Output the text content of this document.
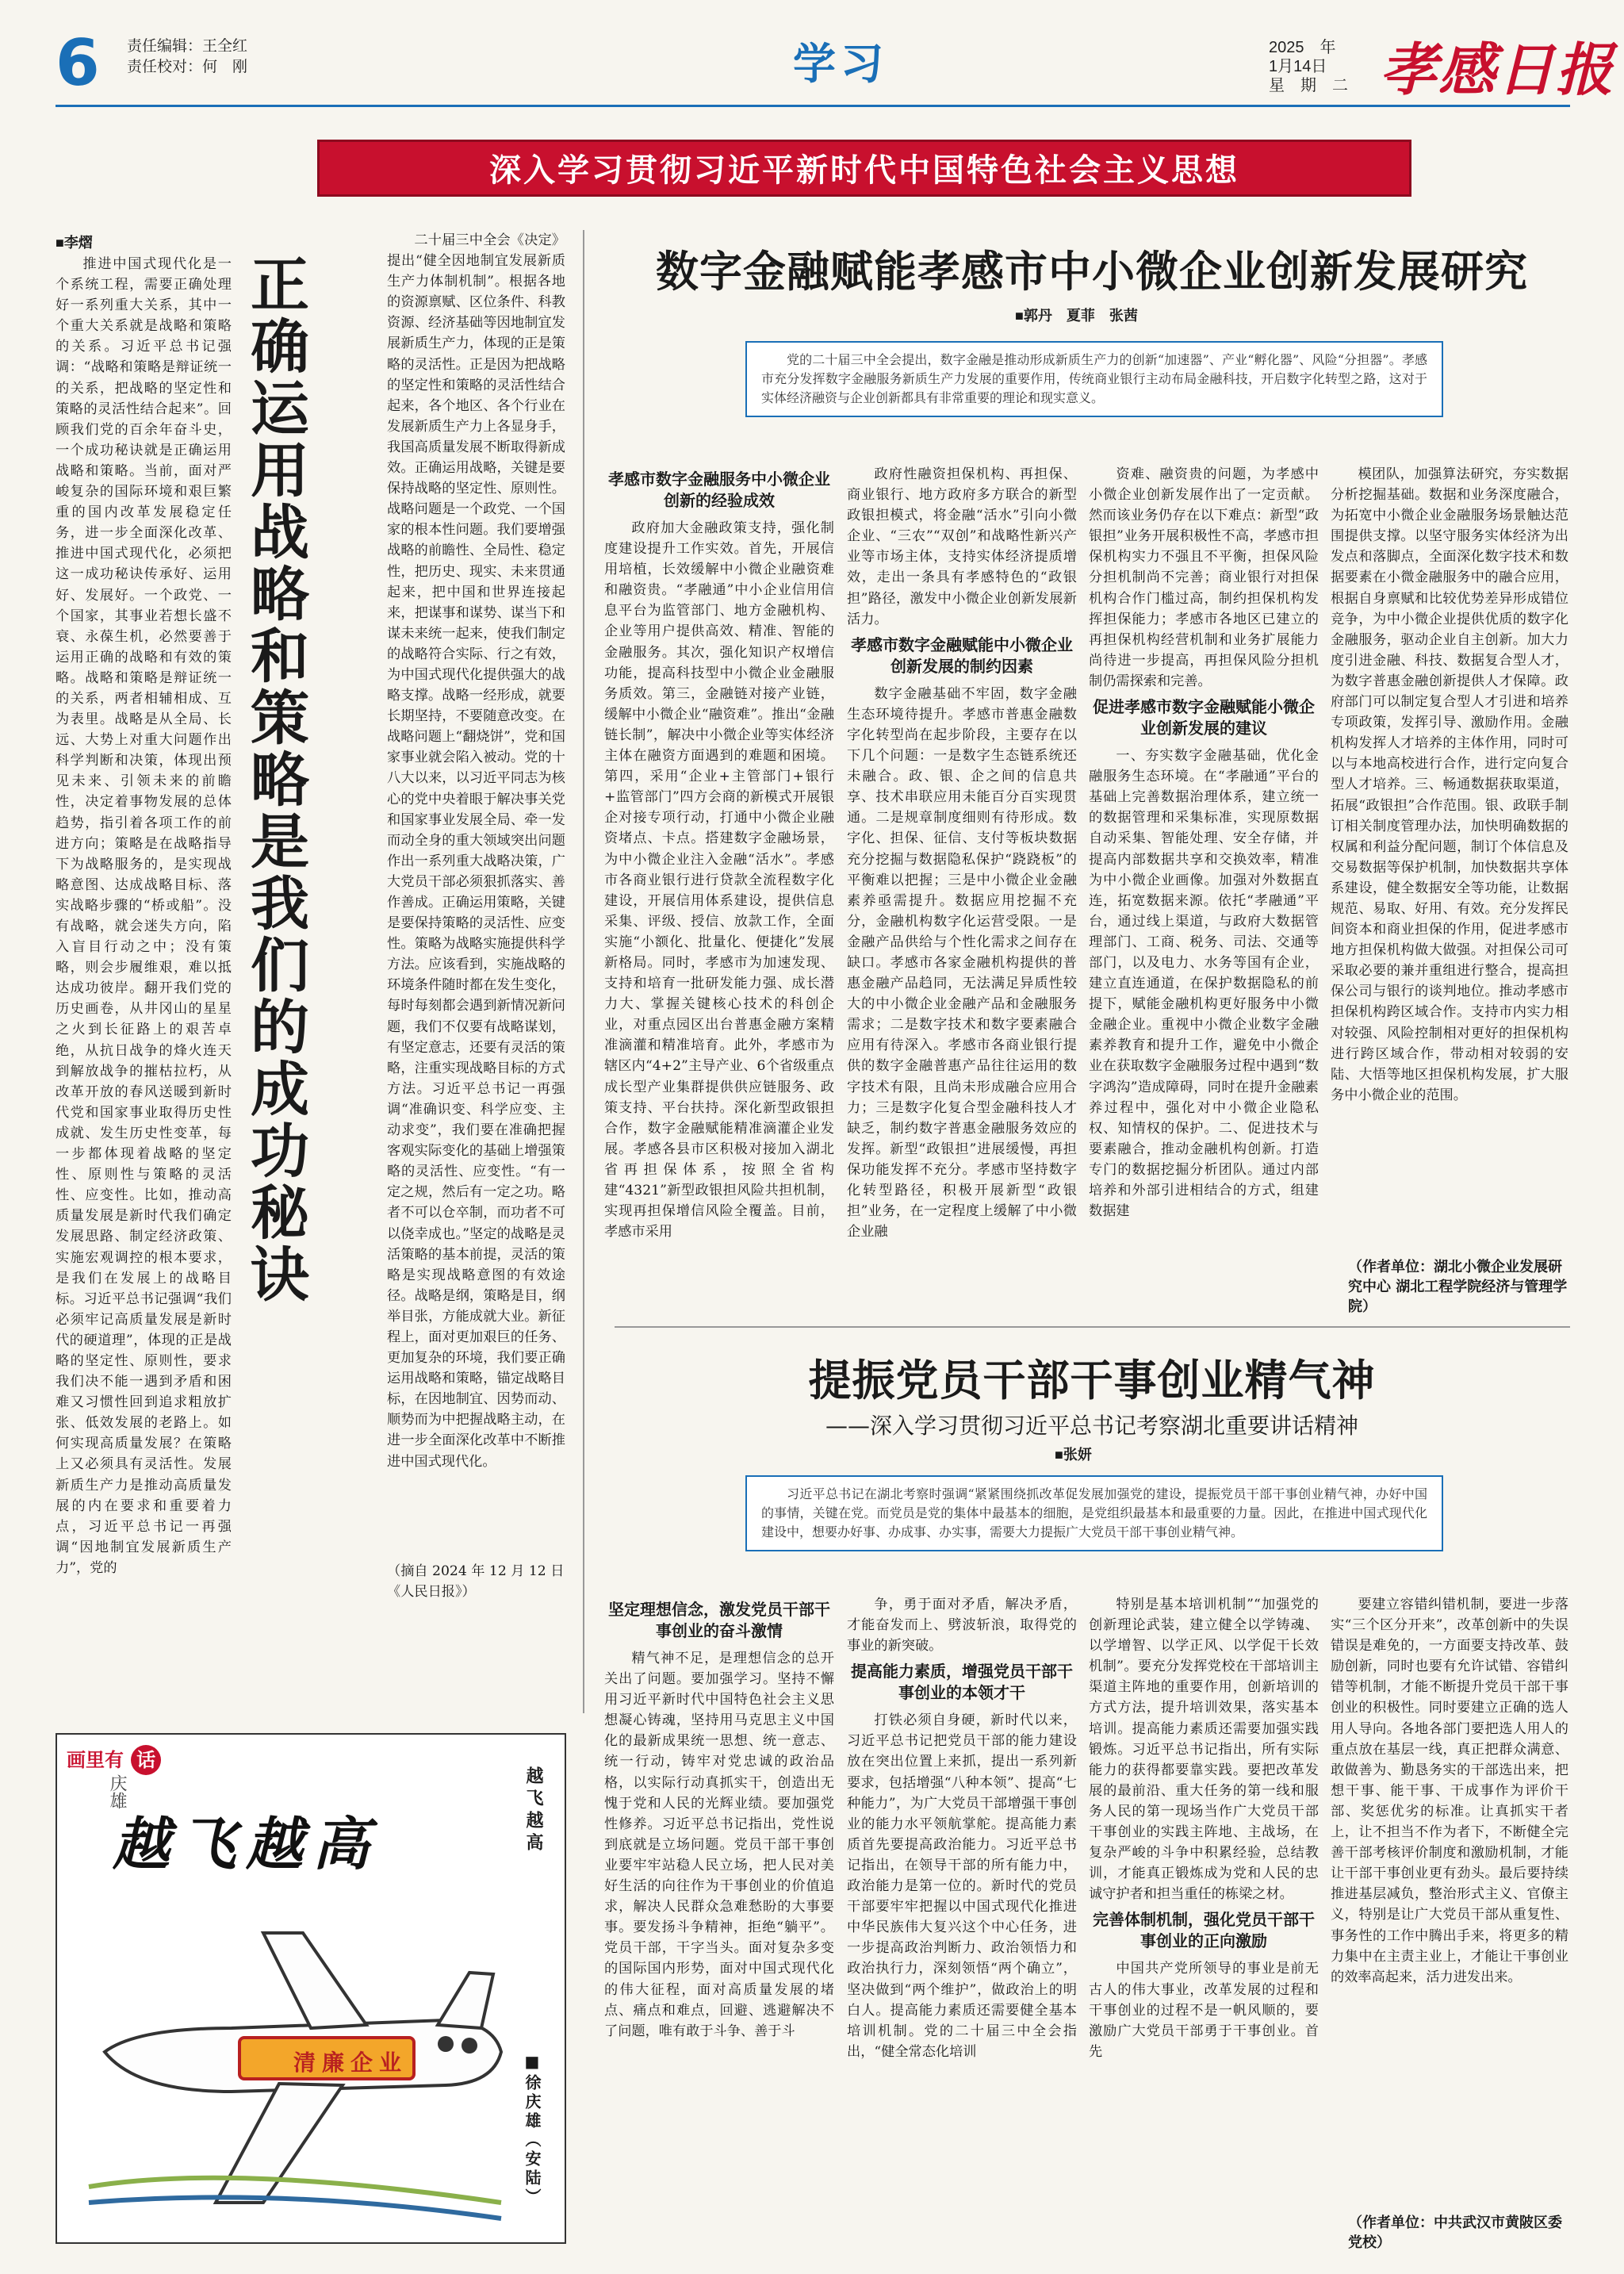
6 责任编辑：王全红
责任校对：何　刚	学习	2025　年
1月14日
星　期　二 孝感日报
深入学习贯彻习近平新时代中国特色社会主义思想
■李熠

推进中国式现代化是一个系统工程，需要正确处理好一系列重大关系，其中一个重大关系就是战略和策略的关系。习近平总书记强调：“战略和策略是辩证统一的关系，把战略的坚定性和策略的灵活性结合起来”。回顾我们党的百余年奋斗史，一个成功秘诀就是正确运用战略和策略。当前，面对严峻复杂的国际环境和艰巨繁重的国内改革发展稳定任务，进一步全面深化改革、推进中国式现代化，必须把这一成功秘诀传承好、运用好、发展好。一个政党、一个国家，其事业若想长盛不衰、永葆生机，必然要善于运用正确的战略和有效的策略。战略和策略是辩证统一的关系，两者相辅相成、互为表里。战略是从全局、长远、大势上对重大问题作出科学判断和决策，体现出预见未来、引领未来的前瞻性，决定着事物发展的总体趋势，指引着各项工作的前进方向；策略是在战略指导下为战略服务的，是实现战略意图、达成战略目标、落实战略步骤的“桥或船”。没有战略，就会迷失方向，陷入盲目行动之中；没有策略，则会步履维艰，难以抵达成功彼岸。翻开我们党的历史画卷，从井冈山的星星之火到长征路上的艰苦卓绝，从抗日战争的烽火连天到解放战争的摧枯拉朽，从改革开放的春风送暖到新时代党和国家事业取得历史性成就、发生历史性变革，每一步都体现着战略的坚定性、原则性与策略的灵活性、应变性。比如，推动高质量发展是新时代我们确定发展思路、制定经济政策、实施宏观调控的根本要求，是我们在发展上的战略目标。习近平总书记强调“我们必须牢记高质量发展是新时代的硬道理”，体现的正是战略的坚定性、原则性，要求我们决不能一遇到矛盾和困难又习惯性回到追求粗放扩张、低效发展的老路上。如何实现高质量发展？在策略上又必须具有灵活性。发展新质生产力是推动高质量发展的内在要求和重要着力点，习近平总书记一再强调“因地制宜发展新质生产力”，党的

正确运用战略和策略是我们的成功秘诀

二十届三中全会《决定》提出“健全因地制宜发展新质生产力体制机制”。根据各地的资源禀赋、区位条件、科教资源、经济基础等因地制宜发展新质生产力，体现的正是策略的灵活性。正是因为把战略的坚定性和策略的灵活性结合起来，各个地区、各个行业在发展新质生产力上各显身手，我国高质量发展不断取得新成效。正确运用战略，关键是要保持战略的坚定性、原则性。战略问题是一个政党、一个国家的根本性问题。我们要增强战略的前瞻性、全局性、稳定性，把历史、现实、未来贯通起来，把中国和世界连接起来，把谋事和谋势、谋当下和谋未来统一起来，使我们制定的战略符合实际、行之有效，为中国式现代化提供强大的战略支撑。战略一经形成，就要长期坚持，不要随意改变。在战略问题上“翻烧饼”，党和国家事业就会陷入被动。党的十八大以来，以习近平同志为核心的党中央着眼于解决事关党和国家事业发展全局、牵一发而动全身的重大领域突出问题作出一系列重大战略决策，广大党员干部必须狠抓落实、善作善成。正确运用策略，关键是要保持策略的灵活性、应变性。策略为战略实施提供科学方法。应该看到，实施战略的环境条件随时都在发生变化，每时每刻都会遇到新情况新问题，我们不仅要有战略谋划，有坚定意志，还要有灵活的策略，注重实现战略目标的方式方法。习近平总书记一再强调“准确识变、科学应变、主动求变”，我们要在准确把握客观实际变化的基础上增强策略的灵活性、应变性。“有一定之规，然后有一定之功。略者不可以仓卒制，而功者不可以侥幸成也。”坚定的战略是灵活策略的基本前提，灵活的策略是实现战略意图的有效途径。战略是纲，策略是目，纲举目张，方能成就大业。新征程上，面对更加艰巨的任务、更加复杂的环境，我们要正确运用战略和策略，锚定战略目标，在因地制宜、因势而动、顺势而为中把握战略主动，在进一步全面深化改革中不断推进中国式现代化。

（摘自 2024 年 12 月 12 日《人民日报》）
画里有 话
清廉企业
越飞越高
庆雄	越飞越高
■徐庆雄（安陆）
数字金融赋能孝感市中小微企业创新发展研究
■郭丹　夏菲　张茜
党的二十届三中全会提出，数字金融是推动形成新质生产力的创新“加速器”、产业“孵化器”、风险“分担器”。孝感市充分发挥数字金融服务新质生产力发展的重要作用，传统商业银行主动布局金融科技，开启数字化转型之路，这对于实体经济融资与企业创新都具有非常重要的理论和现实意义。
孝感市数字金融服务中小微企业创新的经验成效

政府加大金融政策支持，强化制度建设提升工作实效。首先，开展信用培植，长效缓解中小微企业融资难和融资贵。“孝融通”中小企业信用信息平台为监管部门、地方金融机构、企业等用户提供高效、精准、智能的金融服务。其次，强化知识产权增信功能，提高科技型中小微企业金融服务质效。第三，金融链对接产业链，缓解中小微企业“融资难”。推出“金融链长制”，解决中小微企业等实体经济主体在融资方面遇到的难题和困境。第四，采用“企业+主管部门+银行+监管部门”四方会商的新模式开展银企对接专项行动，打通中小微企业融资堵点、卡点。搭建数字金融场景，为中小微企业注入金融“活水”。孝感市各商业银行进行贷款全流程数字化建设，开展信用体系建设，提供信息采集、评级、授信、放款工作，全面实施“小额化、批量化、便捷化”发展新格局。同时，孝感市为加速发现、支持和培育一批研发能力强、成长潜力大、掌握关键核心技术的科创企业，对重点园区出台普惠金融方案精准滴灌和精准培育。此外，孝感市为辖区内“4+2”主导产业、6个省级重点成长型产业集群提供供应链服务、政策支持、平台扶持。深化新型政银担合作，数字金融赋能精准滴灌企业发展。孝感各县市区积极对接加入湖北省再担保体系，按照全省构建“4321”新型政银担风险共担机制，实现再担保增信风险全覆盖。目前，孝感市采用

政府性融资担保机构、再担保、商业银行、地方政府多方联合的新型政银担模式，将金融“活水”引向小微企业、“三农”“双创”和战略性新兴产业等市场主体，支持实体经济提质增效，走出一条具有孝感特色的“政银担”路径，激发中小微企业创新发展新活力。

孝感市数字金融赋能中小微企业创新发展的制约因素

数字金融基础不牢固，数字金融生态环境待提升。孝感市普惠金融数字化转型尚在起步阶段，主要存在以下几个问题：一是数字生态链系统还未融合。政、银、企之间的信息共享、技术串联应用未能百分百实现贯通。二是规章制度细则有待形成。数字化、担保、征信、支付等板块数据充分挖掘与数据隐私保护“跷跷板”的平衡难以把握；三是中小微企业金融素养亟需提升。数据应用挖掘不充分，金融机构数字化运营受限。一是金融产品供给与个性化需求之间存在缺口。孝感市各家金融机构提供的普惠金融产品趋同，无法满足异质性较大的中小微企业金融产品和金融服务需求；二是数字技术和数字要素融合应用有待深入。孝感市各商业银行提供的数字金融普惠产品往往运用的数字技术有限，且尚未形成融合应用合力；三是数字化复合型金融科技人才缺乏，制约数字普惠金融服务效应的发挥。新型“政银担”进展缓慢，再担保功能发挥不充分。孝感市坚持数字化转型路径，积极开展新型“政银担”业务，在一定程度上缓解了中小微企业融

资难、融资贵的问题，为孝感中小微企业创新发展作出了一定贡献。然而该业务仍存在以下难点：新型“政银担”业务开展积极性不高，孝感市担保机构实力不强且不平衡，担保风险分担机制尚不完善；商业银行对担保机构合作门槛过高，制约担保机构发挥担保能力；孝感市各地区已建立的再担保机构经营机制和业务扩展能力尚待进一步提高，再担保风险分担机制仍需探索和完善。

促进孝感市数字金融赋能小微企业创新发展的建议

一、夯实数字金融基础，优化金融服务生态环境。在“孝融通”平台的基础上完善数据治理体系，建立统一的数据管理和采集标准，实现原数据自动采集、智能处理、安全存储，并提高内部数据共享和交换效率，精准为中小微企业画像。加强对外数据直连，拓宽数据来源。依托“孝融通”平台，通过线上渠道，与政府大数据管理部门、工商、税务、司法、交通等部门，以及电力、水务等国有企业，建立直连通道，在保护数据隐私的前提下，赋能金融机构更好服务中小微金融企业。重视中小微企业数字金融素养教育和提升工作，避免中小微企业在获取数字金融服务过程中遇到“数字鸿沟”造成障碍，同时在提升金融素养过程中，强化对中小微企业隐私权、知情权的保护。二、促进技术与要素融合，推动金融机构创新。打造专门的数据挖掘分析团队。通过内部培养和外部引进相结合的方式，组建数据建

模团队，加强算法研究，夯实数据分析挖掘基础。数据和业务深度融合，为拓宽中小微企业金融服务场景触达范围提供支撑。以坚守服务实体经济为出发点和落脚点，全面深化数字技术和数据要素在小微金融服务中的融合应用，根据自身禀赋和比较优势差异形成错位竞争，为中小微企业提供优质的数字化金融服务，驱动企业自主创新。加大力度引进金融、科技、数据复合型人才，为数字普惠金融创新提供人才保障。政府部门可以制定复合型人才引进和培养专项政策，发挥引导、激励作用。金融机构发挥人才培养的主体作用，同时可以与本地高校进行合作，进行定向复合型人才培养。三、畅通数据获取渠道，拓展“政银担”合作范围。银、政联手制订相关制度管理办法，加快明确数据的权属和利益分配问题，制订个体信息及交易数据等保护机制，加快数据共享体系建设，健全数据安全等功能，让数据规范、易取、好用、有效。充分发挥民间资本和商业担保的作用，促进孝感市地方担保机构做大做强。对担保公司可采取必要的兼并重组进行整合，提高担保公司与银行的谈判地位。推动孝感市担保机构跨区域合作。支持市内实力相对较强、风险控制相对更好的担保机构进行跨区域合作，带动相对较弱的安陆、大悟等地区担保机构发展，扩大服务中小微企业的范围。

（作者单位：湖北小微企业发展研究中心 湖北工程学院经济与管理学院）
提振党员干部干事创业精气神
——深入学习贯彻习近平总书记考察湖北重要讲话精神
■张妍
习近平总书记在湖北考察时强调“紧紧围绕抓改革促发展加强党的建设，提振党员干部干事创业精气神，办好中国的事情，关键在党。而党员是党的集体中最基本的细胞，是党组织最基本和最重要的力量。因此，在推进中国式现代化建设中，想要办好事、办成事、办实事，需要大力提振广大党员干部干事创业精气神。
坚定理想信念，激发党员干部干事创业的奋斗激情

精气神不足，是理想信念的总开关出了问题。要加强学习。坚持不懈用习近平新时代中国特色社会主义思想凝心铸魂，坚持用马克思主义中国化的最新成果统一思想、统一意志、统一行动，铸牢对党忠诚的政治品格，以实际行动真抓实干，创造出无愧于党和人民的光辉业绩。要加强党性修养。习近平总书记指出，党性说到底就是立场问题。党员干部干事创业要牢牢站稳人民立场，把人民对美好生活的向往作为干事创业的价值追求，解决人民群众急难愁盼的大事要事。要发扬斗争精神，拒绝“躺平”。党员干部，干字当头。面对复杂多变的国际国内形势，面对中国式现代化的伟大征程，面对高质量发展的堵点、痛点和难点，回避、逃避解决不了问题，唯有敢于斗争、善于斗

争，勇于面对矛盾，解决矛盾，才能奋发而上、劈波斩浪，取得党的事业的新突破。

提高能力素质，增强党员干部干事创业的本领才干

打铁必须自身硬，新时代以来，习近平总书记把党员干部的能力建设放在突出位置上来抓，提出一系列新要求，包括增强“八种本领”、提高“七种能力”，为广大党员干部增强干事创业的能力水平领航掌舵。提高能力素质首先要提高政治能力。习近平总书记指出，在领导干部的所有能力中，政治能力是第一位的。新时代的党员干部要牢牢把握以中国式现代化推进中华民族伟大复兴这个中心任务，进一步提高政治判断力、政治领悟力和政治执行力，深刻领悟“两个确立”，坚决做到“两个维护”，做政治上的明白人。提高能力素质还需要健全基本培训机制。党的二十届三中全会指出，“健全常态化培训

特别是基本培训机制”“加强党的创新理论武装，建立健全以学铸魂、以学增智、以学正风、以学促干长效机制”。要充分发挥党校在干部培训主渠道主阵地的重要作用，创新培训的方式方法，提升培训效果，落实基本培训。提高能力素质还需要加强实践锻炼。习近平总书记指出，所有实际能力的获得都要靠实践。要把改革发展的最前沿、重大任务的第一线和服务人民的第一现场当作广大党员干部干事创业的实践主阵地、主战场，在复杂严峻的斗争中积累经验，总结教训，才能真正锻炼成为党和人民的忠诚守护者和担当重任的栋梁之材。

完善体制机制，强化党员干部干事创业的正向激励

中国共产党所领导的事业是前无古人的伟大事业，改革发展的过程和干事创业的过程不是一帆风顺的，要激励广大党员干部勇于干事创业。首先

要建立容错纠错机制，要进一步落实“三个区分开来”，改革创新中的失误错误是难免的，一方面要支持改革、鼓励创新，同时也要有允许试错、容错纠错等机制，才能不断提升党员干部干事创业的积极性。同时要建立正确的选人用人导向。各地各部门要把选人用人的重点放在基层一线，真正把群众满意、敢做善为、勤恳务实的干部选出来，把想干事、能干事、干成事作为评价干部、奖惩优劣的标准。让真抓实干者上，让不担当不作为者下，不断健全完善干部考核评价制度和激励机制，才能让干部干事创业更有劲头。最后要持续推进基层减负，整治形式主义、官僚主义，特别是让广大党员干部从重复性、事务性的工作中腾出手来，将更多的精力集中在主责主业上，才能让干事创业的效率高起来，活力进发出来。

（作者单位：中共武汉市黄陂区委党校）
